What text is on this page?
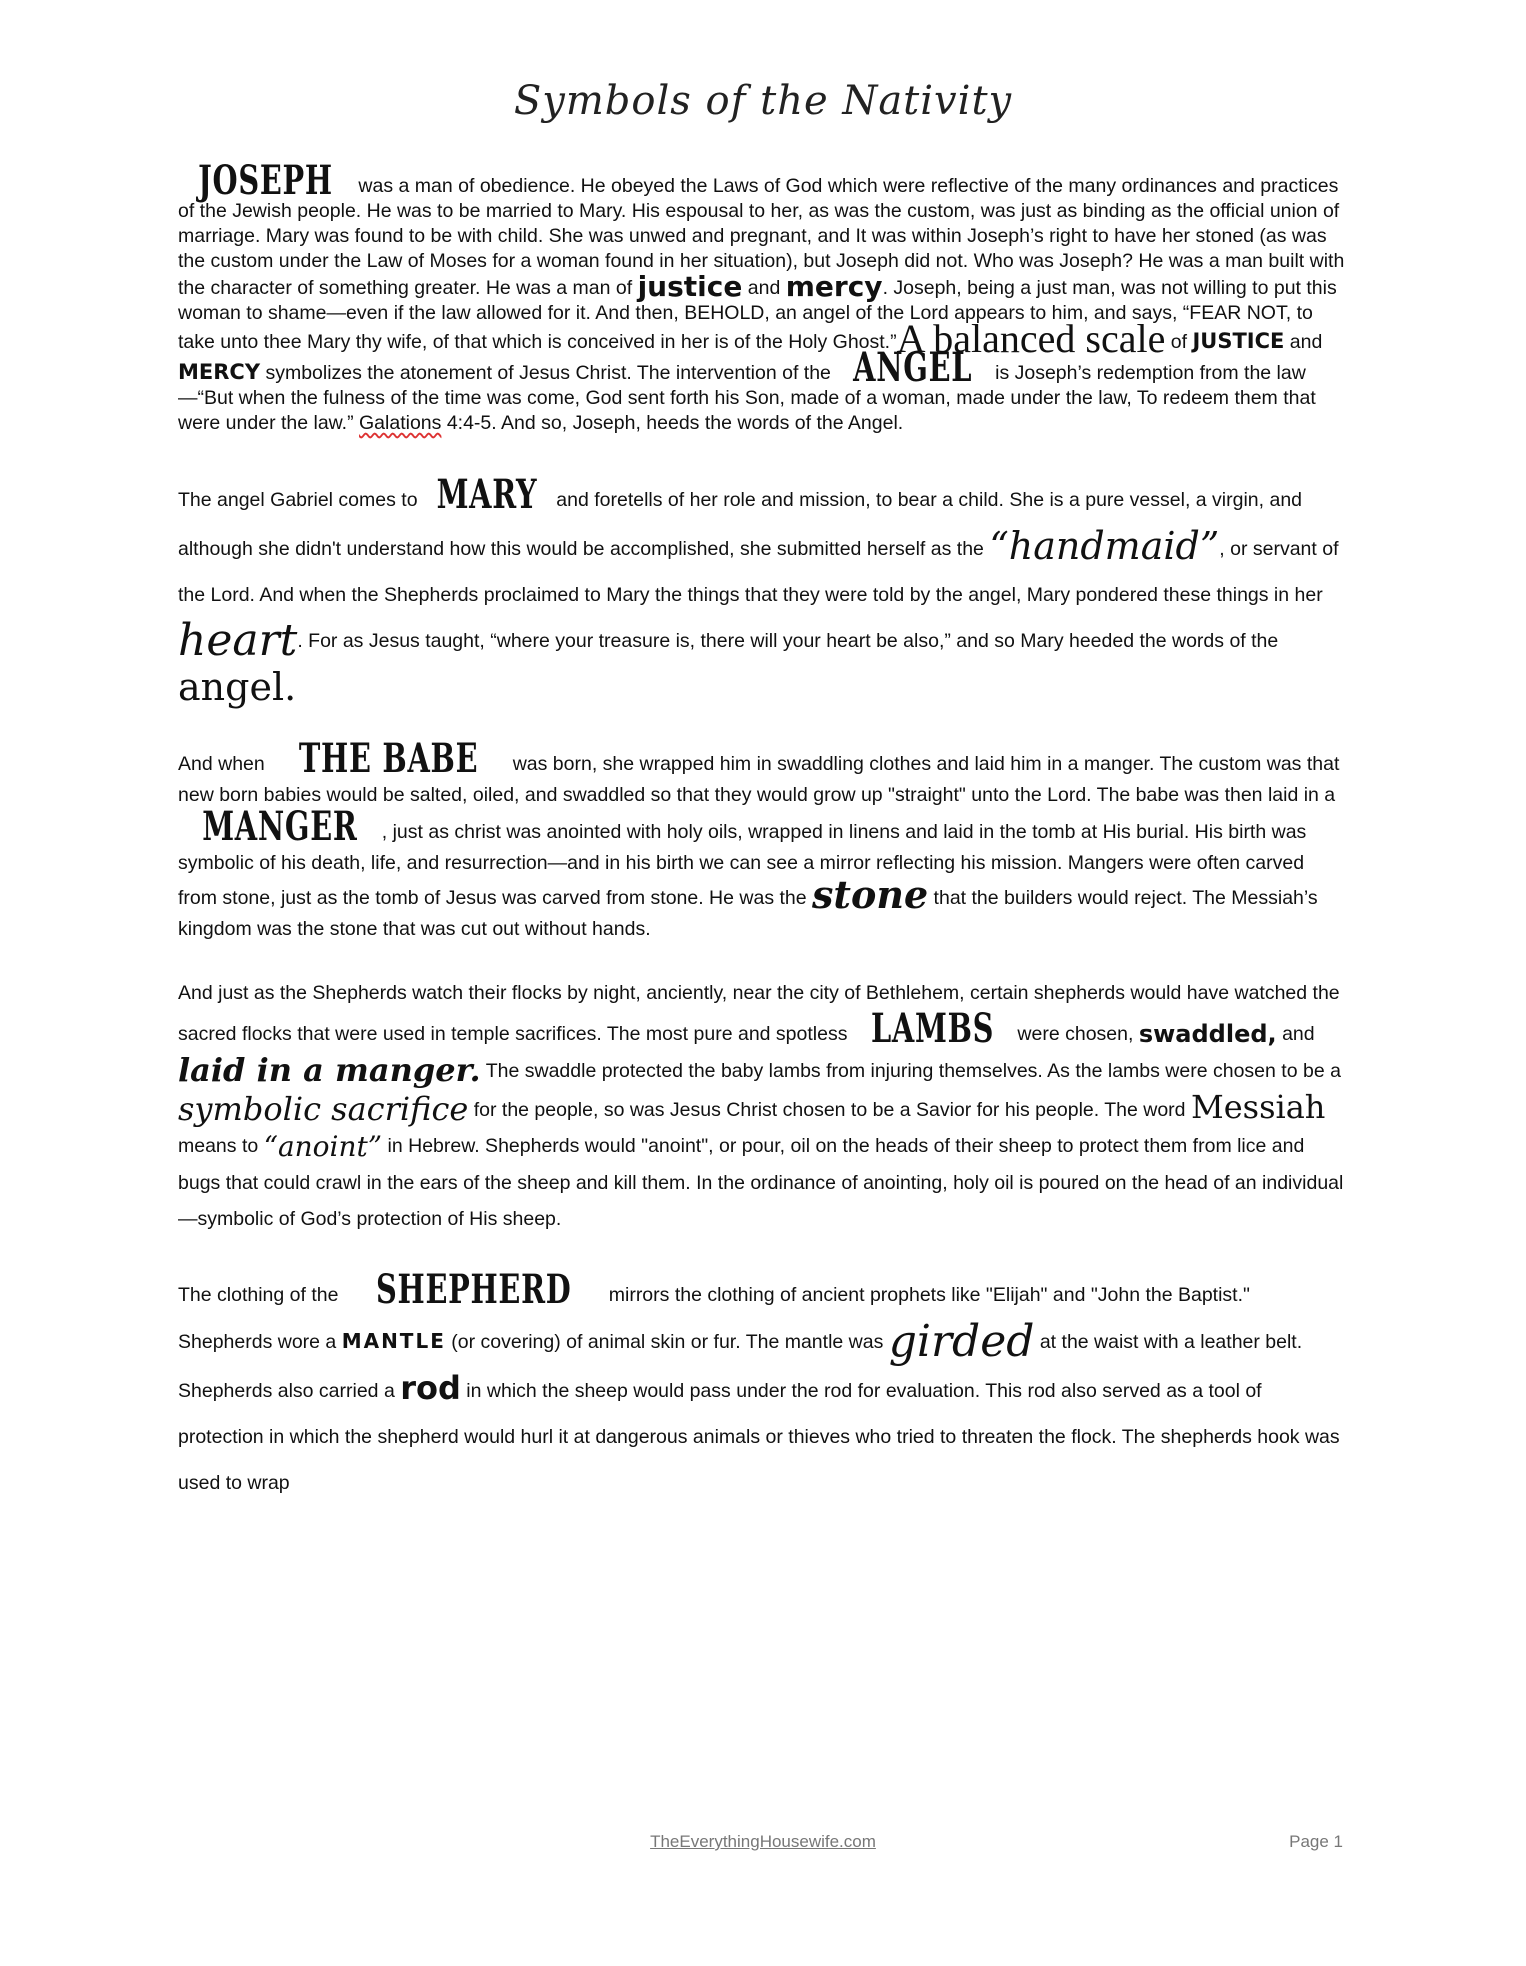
Symbols of the Nativity

JOSEPH was a man of obedience. He obeyed the Laws of God which were reflective of the many ordinances and practices of the Jewish people. He was to be married to Mary. His espousal to her, as was the custom, was just as binding as the official union of marriage. Mary was found to be with child. She was unwed and pregnant, and It was within Joseph’s right to have her stoned (as was the custom under the Law of Moses for a woman found in her situation), but Joseph did not. Who was Joseph? He was a man built with the character of something greater. He was a man of justice and mercy. Joseph, being a just man, was not willing to put this woman to shame—even if the law allowed for it. And then, BEHOLD, an angel of the Lord appears to him, and says, “FEAR NOT, to take unto thee Mary thy wife, of that which is conceived in her is of the Holy Ghost.”A balanced scale of JUSTICE and MERCY symbolizes the atonement of Jesus Christ. The intervention of the ANGEL is Joseph’s redemption from the law—“But when the fulness of the time was come, God sent forth his Son, made of a woman, made under the law, To redeem them that were under the law.” Galations 4:4-5. And so, Joseph, heeds the words of the Angel.

The angel Gabriel comes to MARY and foretells of her role and mission, to bear a child. She is a pure vessel, a virgin, and although she didn't understand how this would be accomplished, she submitted herself as the “handmaid”, or servant of the Lord. And when the Shepherds proclaimed to Mary the things that they were told by the angel, Mary pondered these things in her heart. For as Jesus taught, “where your treasure is, there will your heart be also,” and so Mary heeded the words of the
angel.

And when THE BABE was born, she wrapped him in swaddling clothes and laid him in a manger. The custom was that new born babies would be salted, oiled, and swaddled so that they would grow up "straight" unto the Lord. The babe was then laid in a MANGER , just as christ was anointed with holy oils, wrapped in linens and laid in the tomb at His burial. His birth was symbolic of his death, life, and resurrection—and in his birth we can see a mirror reflecting his mission. Mangers were often carved from stone, just as the tomb of Jesus was carved from stone. He was the stone that the builders would reject. The Messiah’s kingdom was the stone that was cut out without hands.

And just as the Shepherds watch their flocks by night, anciently, near the city of Bethlehem, certain shepherds would have watched the sacred flocks that were used in temple sacrifices. The most pure and spotless LAMBS were chosen, swaddled, and laid in a manger. The swaddle protected the baby lambs from injuring themselves. As the lambs were chosen to be a symbolic sacrifice for the people, so was Jesus Christ chosen to be a Savior for his people. The word Messiah means to “anoint” in Hebrew. Shepherds would "anoint", or pour, oil on the heads of their sheep to protect them from lice and bugs that could crawl in the ears of the sheep and kill them. In the ordinance of anointing, holy oil is poured on the head of an individual—symbolic of God’s protection of His sheep.

The clothing of the SHEPHERD mirrors the clothing of ancient prophets like "Elijah" and "John the Baptist." Shepherds wore a MANTLE (or covering) of animal skin or fur. The mantle was girded at the waist with a leather belt. Shepherds also carried a rod in which the sheep would pass under the rod for evaluation. This rod also served as a tool of protection in which the shepherd would hurl it at dangerous animals or thieves who tried to threaten the flock. The shepherds hook was used to wrap

TheEverythingHousewife.com	Page 1
